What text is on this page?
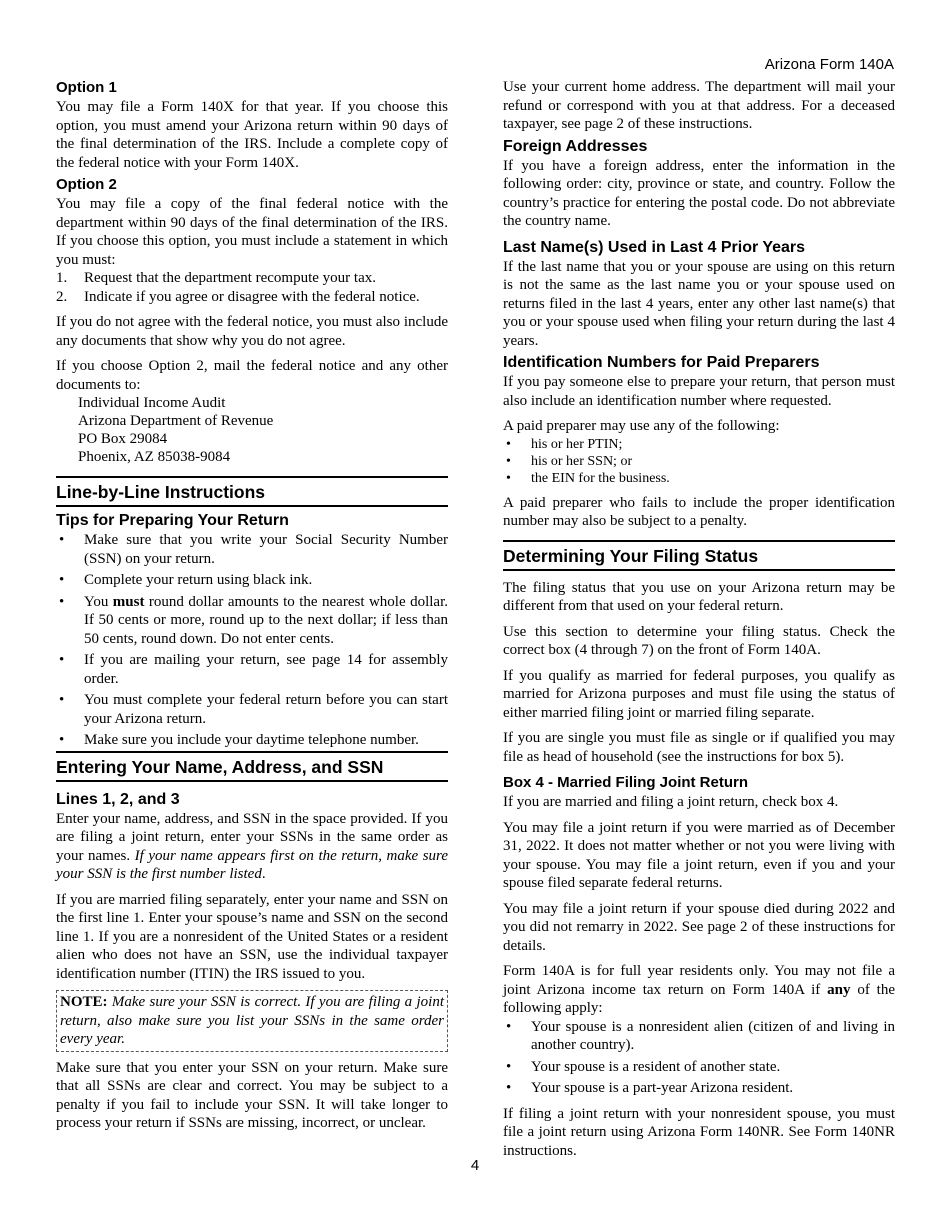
Arizona Form 140A
Option 1

You may file a Form 140X for that year. If you choose this option, you must amend your Arizona return within 90 days of the final determination of the IRS. Include a complete copy of the federal notice with your Form 140X.

Option 2

You may file a copy of the final federal notice with the department within 90 days of the final determination of the IRS. If you choose this option, you must include a statement in which you must:

1. Request that the department recompute your tax.
2. Indicate if you agree or disagree with the federal notice.

If you do not agree with the federal notice, you must also include any documents that show why you do not agree.

If you choose Option 2, mail the federal notice and any other documents to:

Individual Income Audit
Arizona Department of Revenue
PO Box 29084
Phoenix, AZ 85038-9084
Line-by-Line Instructions
Tips for Preparing Your Return
• Make sure that you write your Social Security Number (SSN) on your return.
• Complete your return using black ink.
• You must round dollar amounts to the nearest whole dollar. If 50 cents or more, round up to the next dollar; if less than 50 cents, round down. Do not enter cents.
• If you are mailing your return, see page 14 for assembly order.
• You must complete your federal return before you can start your Arizona return.
• Make sure you include your daytime telephone number.
Entering Your Name, Address, and SSN
Lines 1, 2, and 3

Enter your name, address, and SSN in the space provided. If you are filing a joint return, enter your SSNs in the same order as your names. If your name appears first on the return, make sure your SSN is the first number listed.

If you are married filing separately, enter your name and SSN on the first line 1. Enter your spouse’s name and SSN on the second line 1. If you are a nonresident of the United States or a resident alien who does not have an SSN, use the individual taxpayer identification number (ITIN) the IRS issued to you.

NOTE: Make sure your SSN is correct. If you are filing a joint return, also make sure you list your SSNs in the same order every year.

Make sure that you enter your SSN on your return. Make sure that all SSNs are clear and correct. You may be subject to a penalty if you fail to include your SSN. It will take longer to process your return if SSNs are missing, incorrect, or unclear.

Use your current home address. The department will mail your refund or correspond with you at that address. For a deceased taxpayer, see page 2 of these instructions.

Foreign Addresses

If you have a foreign address, enter the information in the following order: city, province or state, and country. Follow the country’s practice for entering the postal code. Do not abbreviate the country name.

Last Name(s) Used in Last 4 Prior Years

If the last name that you or your spouse are using on this return is not the same as the last name you or your spouse used on returns filed in the last 4 years, enter any other last name(s) that you or your spouse used when filing your return during the last 4 years.

Identification Numbers for Paid Preparers

If you pay someone else to prepare your return, that person must also include an identification number where requested.

A paid preparer may use any of the following:

• his or her PTIN;
• his or her SSN; or
• the EIN for the business.

A paid preparer who fails to include the proper identification number may also be subject to a penalty.

Determining Your Filing Status

The filing status that you use on your Arizona return may be different from that used on your federal return.

Use this section to determine your filing status. Check the correct box (4 through 7) on the front of Form 140A.

If you qualify as married for federal purposes, you qualify as married for Arizona purposes and must file using the status of either married filing joint or married filing separate.

If you are single you must file as single or if qualified you may file as head of household (see the instructions for box 5).

Box 4 - Married Filing Joint Return

If you are married and filing a joint return, check box 4.

You may file a joint return if you were married as of December 31, 2022. It does not matter whether or not you were living with your spouse. You may file a joint return, even if you and your spouse filed separate federal returns.

You may file a joint return if your spouse died during 2022 and you did not remarry in 2022. See page 2 of these instructions for details.

Form 140A is for full year residents only. You may not file a joint Arizona income tax return on Form 140A if any of the following apply:

• Your spouse is a nonresident alien (citizen of and living in another country).
• Your spouse is a resident of another state.
• Your spouse is a part-year Arizona resident.

If filing a joint return with your nonresident spouse, you must file a joint return using Arizona Form 140NR. See Form 140NR instructions.

4
